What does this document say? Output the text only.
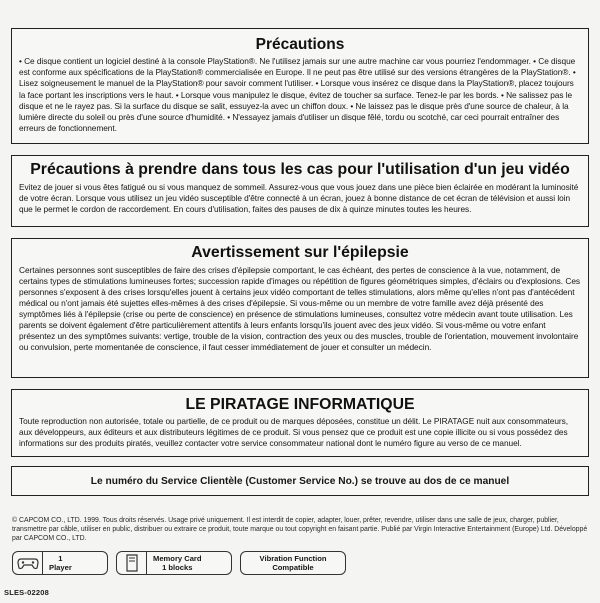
Précautions

• Ce disque contient un logiciel destiné à la console PlayStation®. Ne l'utilisez jamais sur une autre machine car vous pourriez l'endommager. • Ce disque est conforme aux spécifications de la PlayStation® commercialisée en Europe. Il ne peut pas être utilisé sur des versions étrangères de la PlayStation®. • Lisez soigneusement le manuel de la PlayStation® pour savoir comment l'utiliser. • Lorsque vous insérez ce disque dans la PlayStation®, placez toujours la face portant les inscriptions vers le haut. • Lorsque vous manipulez le disque, évitez de toucher sa surface. Tenez-le par les bords. • Ne salissez pas le disque et ne le rayez pas. Si la surface du disque se salit, essuyez-la avec un chiffon doux. • Ne laissez pas le disque près d'une source de chaleur, à la lumière directe du soleil ou près d'une source d'humidité. • N'essayez jamais d'utiliser un disque fêlé, tordu ou scotché, car ceci pourrait entraîner des erreurs de fonctionnement.

Précautions à prendre dans tous les cas pour l'utilisation d'un jeu vidéo

Evitez de jouer si vous êtes fatigué ou si vous manquez de sommeil. Assurez-vous que vous jouez dans une pièce bien éclairée en modérant la luminosité de votre écran. Lorsque vous utilisez un jeu vidéo susceptible d'être connecté à un écran, jouez à bonne distance de cet écran de télévision et aussi loin que le permet le cordon de raccordement. En cours d'utilisation, faites des pauses de dix à quinze minutes toutes les heures.

Avertissement sur l'épilepsie

Certaines personnes sont susceptibles de faire des crises d'épilepsie comportant, le cas échéant, des pertes de conscience à la vue, notamment, de certains types de stimulations lumineuses fortes; succession rapide d'images ou répétition de figures géométriques simples, d'éclairs ou d'explosions. Ces personnes s'exposent à des crises lorsqu'elles jouent à certains jeux vidéo comportant de telles stimulations, alors même qu'elles n'ont pas d'antécédent médical ou n'ont jamais été sujettes elles-mêmes à des crises d'épilepsie. Si vous-même ou un membre de votre famille avez déjà présenté des symptômes liés à l'épilepsie (crise ou perte de conscience) en présence de stimulations lumineuses, consultez votre médecin avant toute utilisation. Les parents se doivent également d'être particulièrement attentifs à leurs enfants lorsqu'ils jouent avec des jeux vidéo. Si vous-même ou votre enfant présentez un des symptômes suivants: vertige, trouble de la vision, contraction des yeux ou des muscles, trouble de l'orientation, mouvement involontaire ou convulsion, perte momentanée de conscience, il faut cesser immédiatement de jouer et consulter un médecin.

LE PIRATAGE INFORMATIQUE

Toute reproduction non autorisée, totale ou partielle, de ce produit ou de marques déposées, constitue un délit. Le PIRATAGE nuit aux consommateurs, aux développeurs, aux éditeurs et aux distributeurs légitimes de ce produit. Si vous pensez que ce produit est une copie illicite ou si vous possédez des informations sur des produits piratés, veuillez contacter votre service consommateur national dont le numéro figure au verso de ce manuel.

Le numéro du Service Clientèle (Customer Service No.) se trouve au dos de ce manuel
© CAPCOM CO., LTD. 1999. Tous droits réservés. Usage privé uniquement. Il est interdit de copier, adapter, louer, prêter, revendre, utiliser dans une salle de jeux, charger, publier, transmettre par câble, utiliser en public, distribuer ou extraire ce produit, toute marque ou tout copyright en faisant partie. Publié par Virgin Interactive Entertainment (Europe) Ltd. Développé par CAPCOM CO., LTD.
1
Player
Memory Card
1 blocks
Vibration Function
Compatible
SLES-02208
